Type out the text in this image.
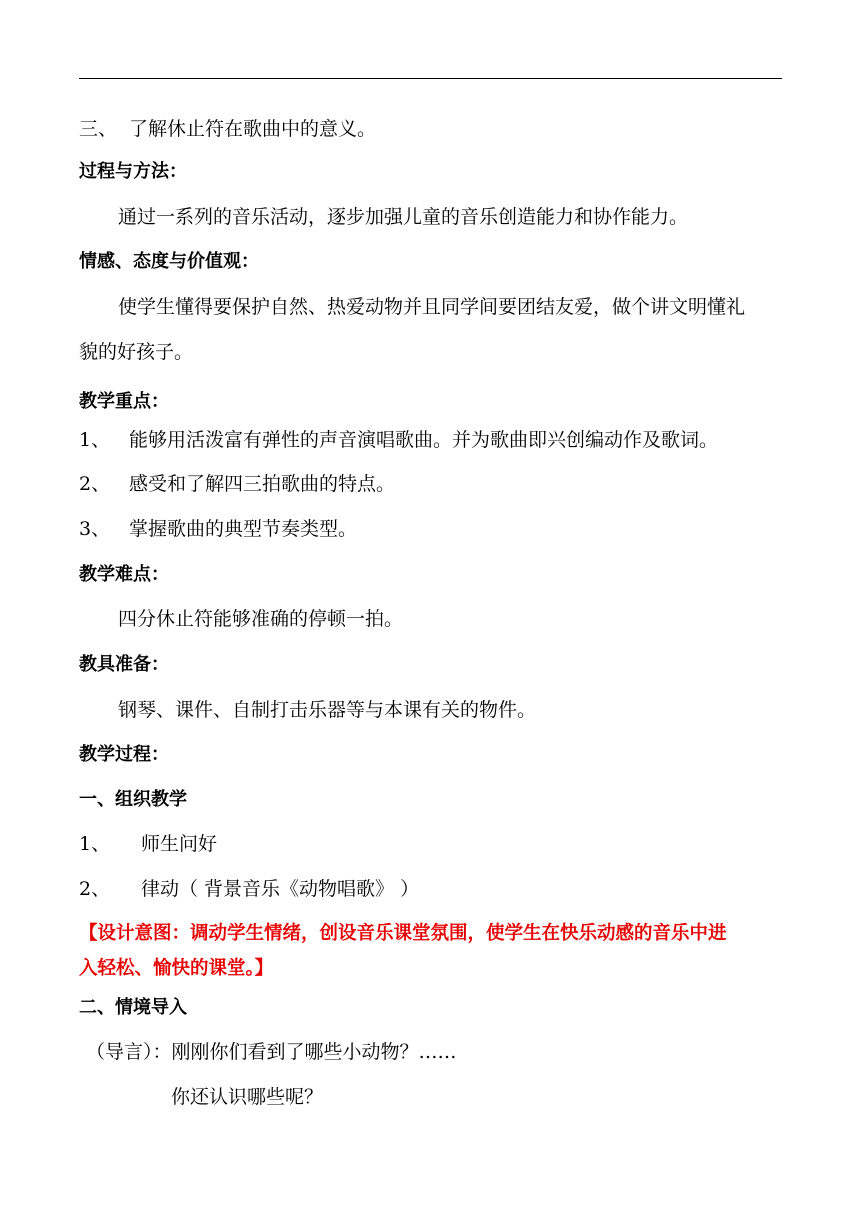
三、 了解休止符在歌曲中的意义。
过程与方法：
通过一系列的音乐活动，逐步加强儿童的音乐创造能力和协作能力。
情感、态度与价值观：
使学生懂得要保护自然、热爱动物并且同学间要团结友爱，做个讲文明懂礼
貌的好孩子。
教学重点：
1、 能够用活泼富有弹性的声音演唱歌曲。并为歌曲即兴创编动作及歌词。
2、 感受和了解四三拍歌曲的特点。
3、 掌握歌曲的典型节奏类型。
教学难点：
四分休止符能够准确的停顿一拍。
教具准备：
钢琴、课件、自制打击乐器等与本课有关的物件。
教学过程：
一、组织教学
1、 师生问好
2、 律动（ 背景音乐《动物唱歌》 ）
【设计意图：调动学生情绪，创设音乐课堂氛围，使学生在快乐动感的音乐中进
入轻松、愉快的课堂。】
二、情境导入
（导言）：刚刚你们看到了哪些小动物？……
你还认识哪些呢？
